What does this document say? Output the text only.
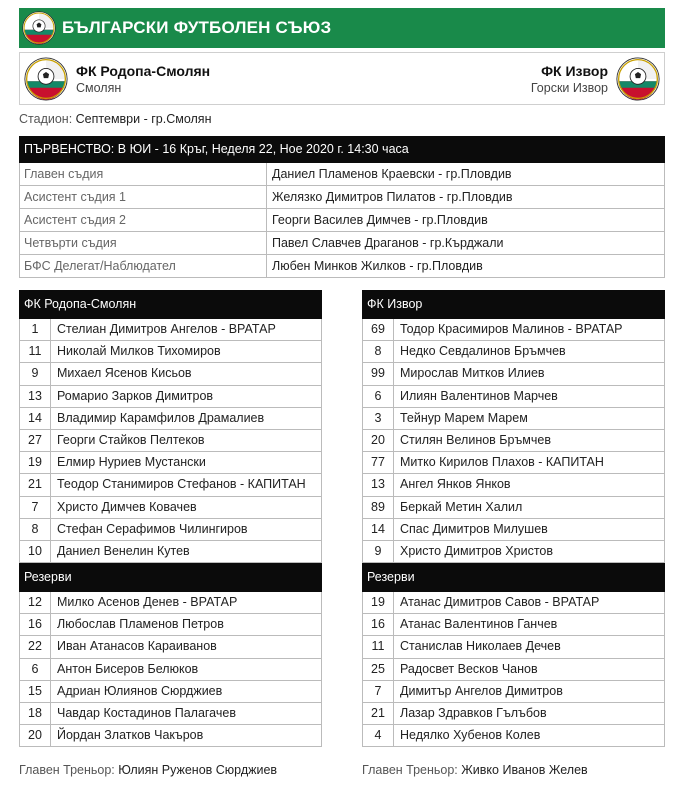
БЪЛГАРСКИ ФУТБОЛЕН СЪЮЗ
ФК Родопа-Смолян
Смолян
ФК Извор
Горски Извор
Стадион: Септември - гр.Смолян
ПЪРВЕНСТВО: В ЮИ - 16 Кръг, Неделя 22, Ное 2020 г. 14:30 часа
Главен съдия	Даниел Пламенов Краевски - гр.Пловдив
Асистент съдия 1	Желязко Димитров Пилатов - гр.Пловдив
Асистент съдия 2	Георги Василев Димчев - гр.Пловдив
Четвърти съдия	Павел Славчев Драганов - гр.Кърджали
БФС Делегат/Наблюдател	Любен Минков Жилков - гр.Пловдив
ФК Родопа-Смолян
1	Стелиан Димитров Ангелов - ВРАТАР
11	Николай Милков Тихомиров
9	Михаел Ясенов Кисьов
13	Ромарио Зарков Димитров
14	Владимир Карамфилов Драмалиев
27	Георги Стайков Пелтеков
19	Елмир Нуриев Мустански
21	Теодор Станимиров Стефанов - КАПИТАН
7	Христо Димчев Ковачев
8	Стефан Серафимов Чилингиров
10	Даниел Венелин Кутев
Резерви
12	Милко Асенов Денев - ВРАТАР
16	Любослав Пламенов Петров
22	Иван Атанасов Караиванов
6	Антон Бисеров Белюков
15	Адриан Юлиянов Сюрджиев
18	Чавдар Костадинов Палагачев
20	Йордан Златков Чакъров
ФК Извор
69	Тодор Красимиров Малинов - ВРАТАР
8	Недко Севдалинов Бръмчев
99	Мирослав Митков Илиев
6	Илиян Валентинов Марчев
3	Тейнур Марем Марем
20	Стилян Велинов Бръмчев
77	Митко Кирилов Плахов - КАПИТАН
13	Ангел Янков Янков
89	Беркай Метин Халил
14	Спас Димитров Милушев
9	Христо Димитров Христов
Резерви
19	Атанас Димитров Савов - ВРАТАР
16	Атанас Валентинов Ганчев
11	Станислав Николаев Дечев
25	Радосвет Весков Чанов
7	Димитър Ангелов Димитров
21	Лазар Здравков Гълъбов
4	Недялко Хубенов Колев
Главен Треньор: Юлиян Руженов Сюрджиев	Главен Треньор: Живко Иванов Желев
